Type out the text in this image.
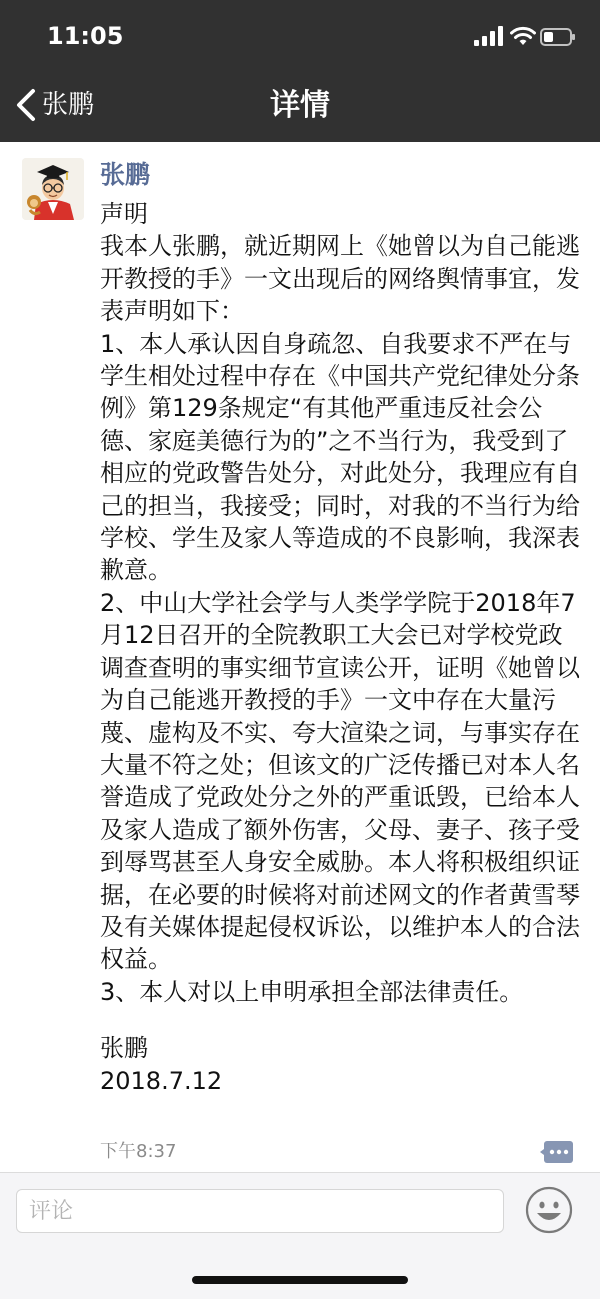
11:05
张鹏	详情
张鹏

声明

我本人张鹏，就近期网上《她曾以为自己能逃开教授的手》一文出现后的网络舆情事宜，发表声明如下：

1、本人承认因自身疏忽、自我要求不严在与学生相处过程中存在《中国共产党纪律处分条例》第129条规定“有其他严重违反社会公德、家庭美德行为的”之不当行为，我受到了相应的党政警告处分，对此处分，我理应有自己的担当，我接受；同时，对我的不当行为给学校、学生及家人等造成的不良影响，我深表歉意。

2、中山大学社会学与人类学学院于2018年7月12日召开的全院教职工大会已对学校党政调查查明的事实细节宣读公开，证明《她曾以为自己能逃开教授的手》一文中存在大量污蔑、虚构及不实、夸大渲染之词，与事实存在大量不符之处；但该文的广泛传播已对本人名誉造成了党政处分之外的严重诋毁，已给本人及家人造成了额外伤害，父母、妻子、孩子受到辱骂甚至人身安全威胁。本人将积极组织证据，在必要的时候将对前述网文的作者黄雪琴及有关媒体提起侵权诉讼，以维护本人的合法权益。

3、本人对以上申明承担全部法律责任。

张鹏

2018.7.12

下午8:37
评论
